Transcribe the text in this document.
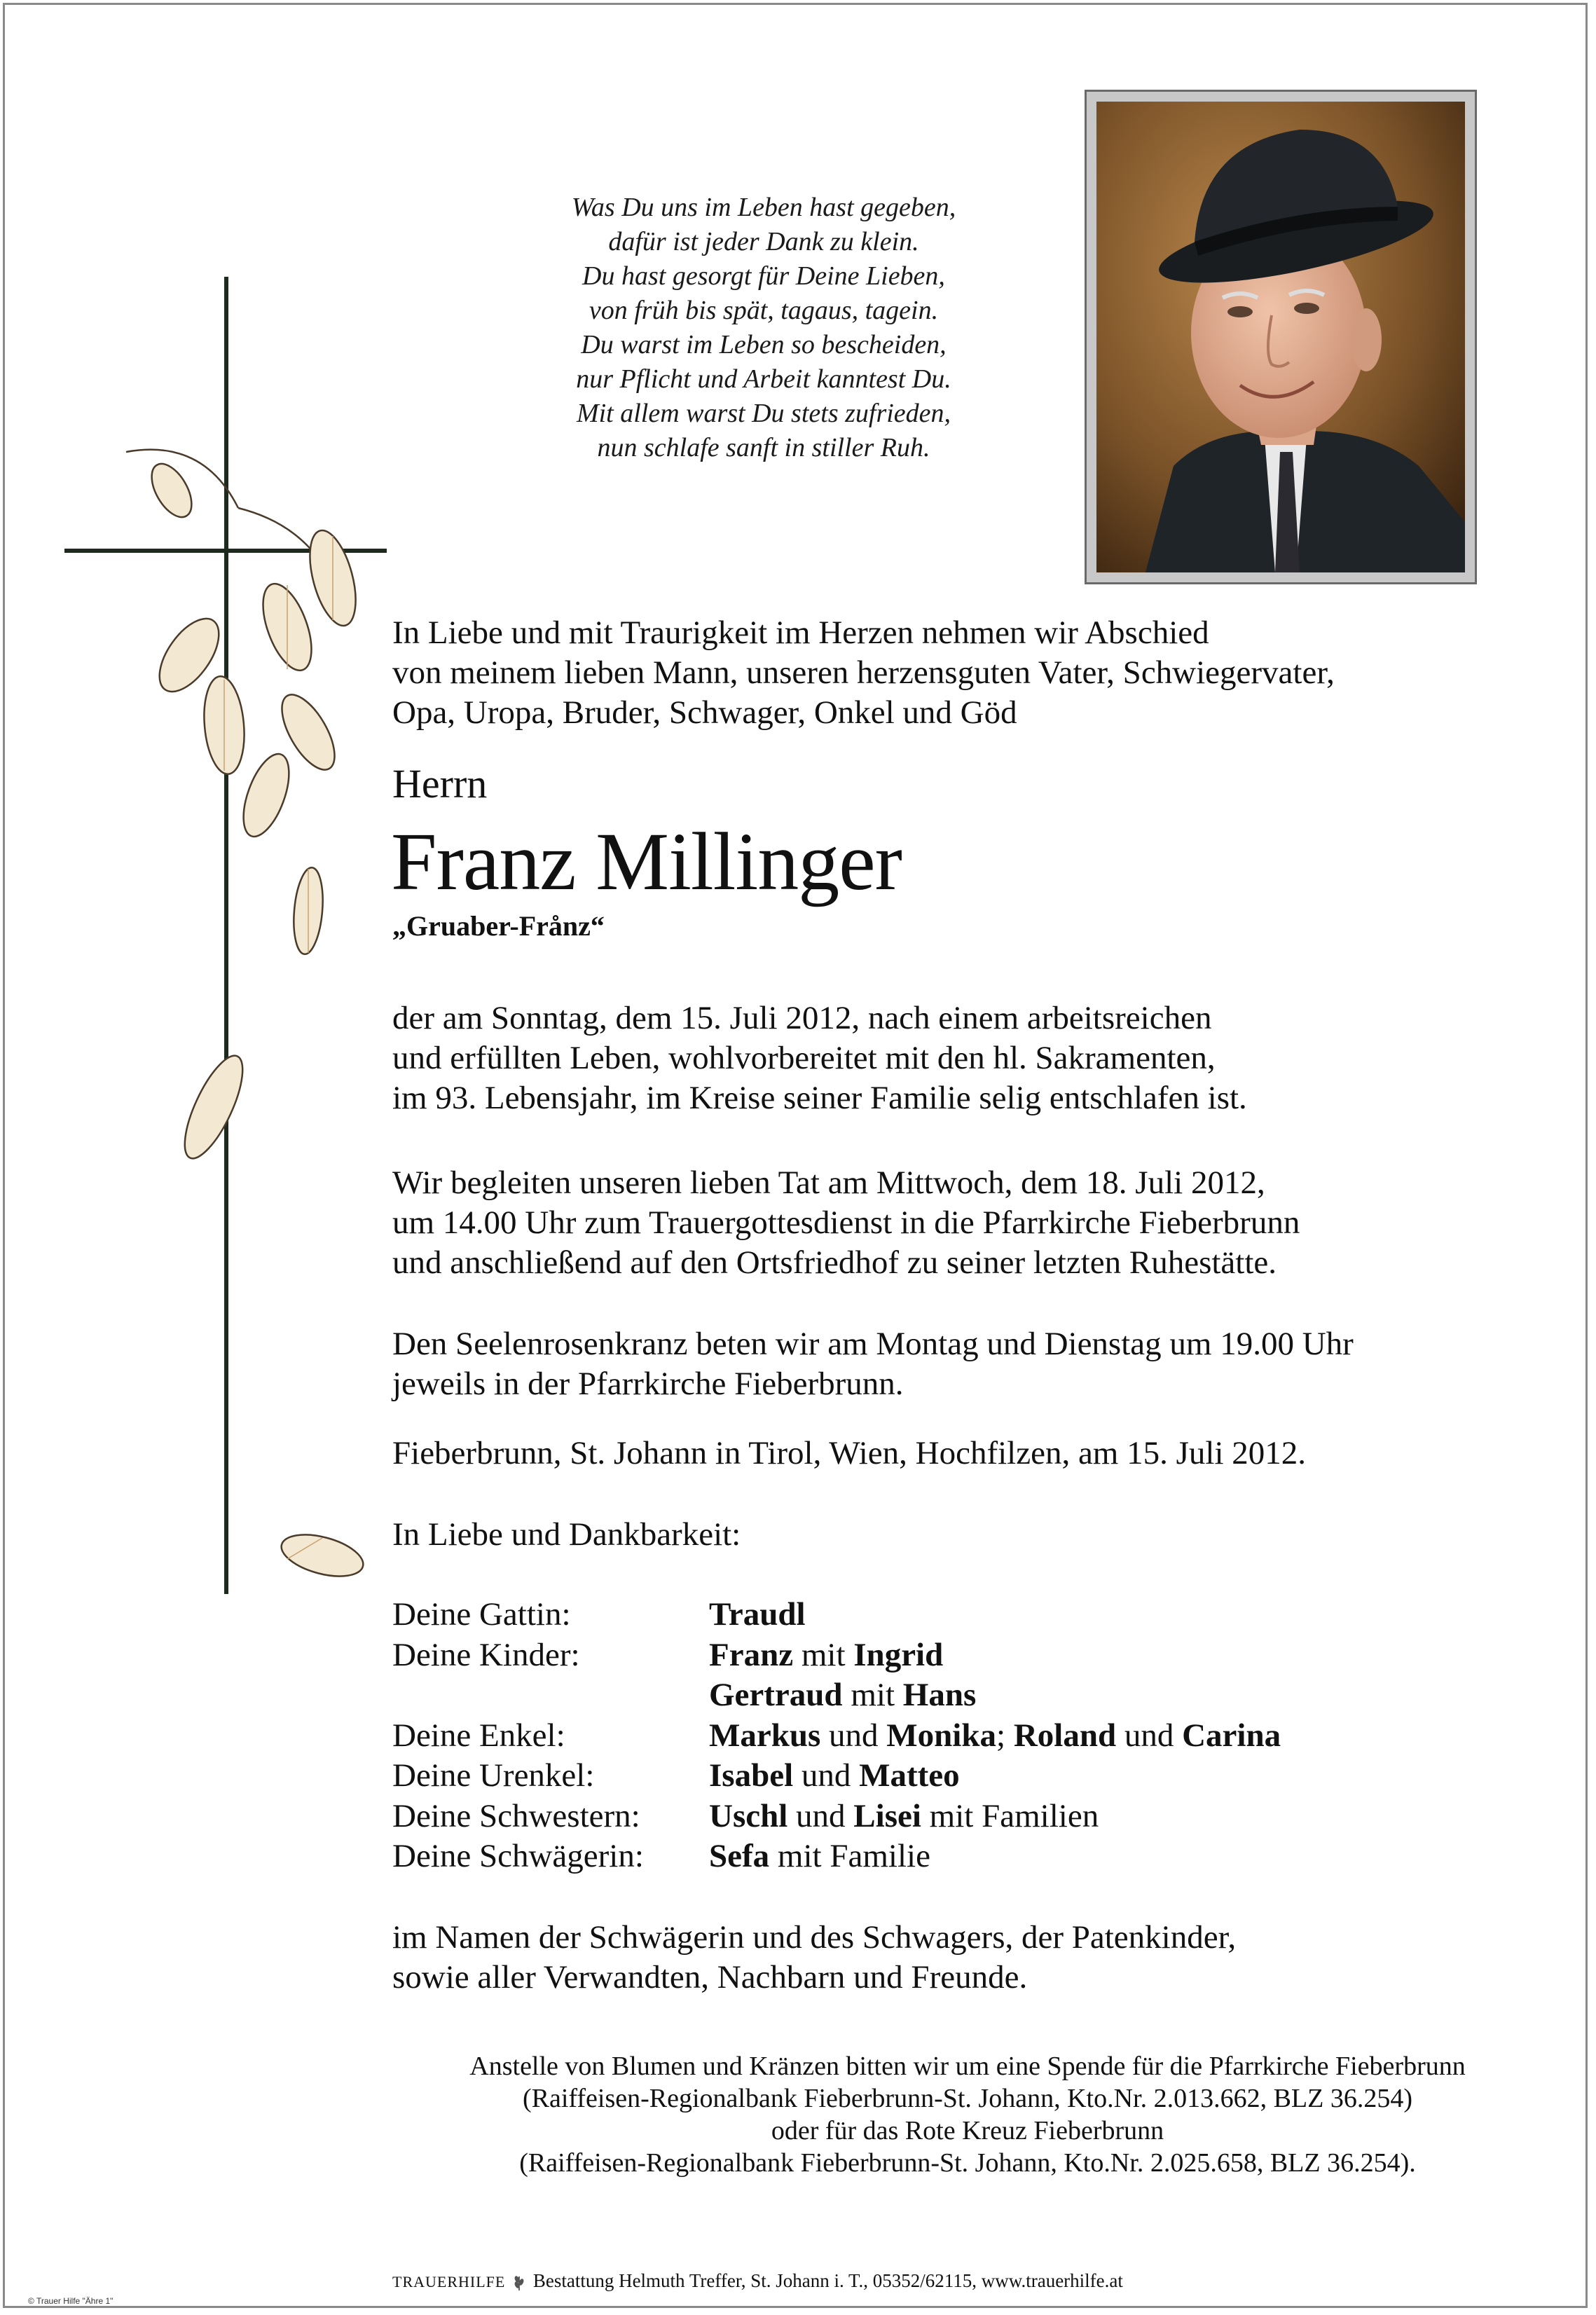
Was Du uns im Leben hast gegeben,
dafür ist jeder Dank zu klein.
Du hast gesorgt für Deine Lieben,
von früh bis spät, tagaus, tagein.
Du warst im Leben so bescheiden,
nur Pflicht und Arbeit kanntest Du.
Mit allem warst Du stets zufrieden,
nun schlafe sanft in stiller Ruh.
In Liebe und mit Traurigkeit im Herzen nehmen wir Abschied
von meinem lieben Mann, unseren herzensguten Vater, Schwiegervater,
Opa, Uropa, Bruder, Schwager, Onkel und Göd
Herrn
Franz Millinger
„Gruaber-Frånz“
der am Sonntag, dem 15. Juli 2012, nach einem arbeitsreichen
und erfüllten Leben, wohlvorbereitet mit den hl. Sakramenten,
im 93. Lebensjahr, im Kreise seiner Familie selig entschlafen ist.
Wir begleiten unseren lieben Tat am Mittwoch, dem 18. Juli 2012,
um 14.00 Uhr zum Trauergottesdienst in die Pfarrkirche Fieberbrunn
und anschließend auf den Ortsfriedhof zu seiner letzten Ruhestätte.
Den Seelenrosenkranz beten wir am Montag und Dienstag um 19.00 Uhr
jeweils in der Pfarrkirche Fieberbrunn.
Fieberbrunn, St. Johann in Tirol, Wien, Hochfilzen, am 15. Juli 2012.
In Liebe und Dankbarkeit:
Deine Gattin:	Traudl
Deine Kinder:	Franz mit Ingrid
Gertraud mit Hans
Deine Enkel:	Markus und Monika; Roland und Carina
Deine Urenkel:	Isabel und Matteo
Deine Schwestern: Uschl und Lisei mit Familien
Deine Schwägerin: Sefa mit Familie
im Namen der Schwägerin und des Schwagers, der Patenkinder,
sowie aller Verwandten, Nachbarn und Freunde.
Anstelle von Blumen und Kränzen bitten wir um eine Spende für die Pfarrkirche Fieberbrunn
(Raiffeisen-Regionalbank Fieberbrunn-St. Johann, Kto.Nr. 2.013.662, BLZ 36.254)
oder für das Rote Kreuz Fieberbrunn
(Raiffeisen-Regionalbank Fieberbrunn-St. Johann, Kto.Nr. 2.025.658, BLZ 36.254).
TRAUERHILFE Bestattung Helmuth Treffer, St. Johann i. T., 05352/62115, www.trauerhilfe.at
© Trauer Hilfe "Ähre 1"
